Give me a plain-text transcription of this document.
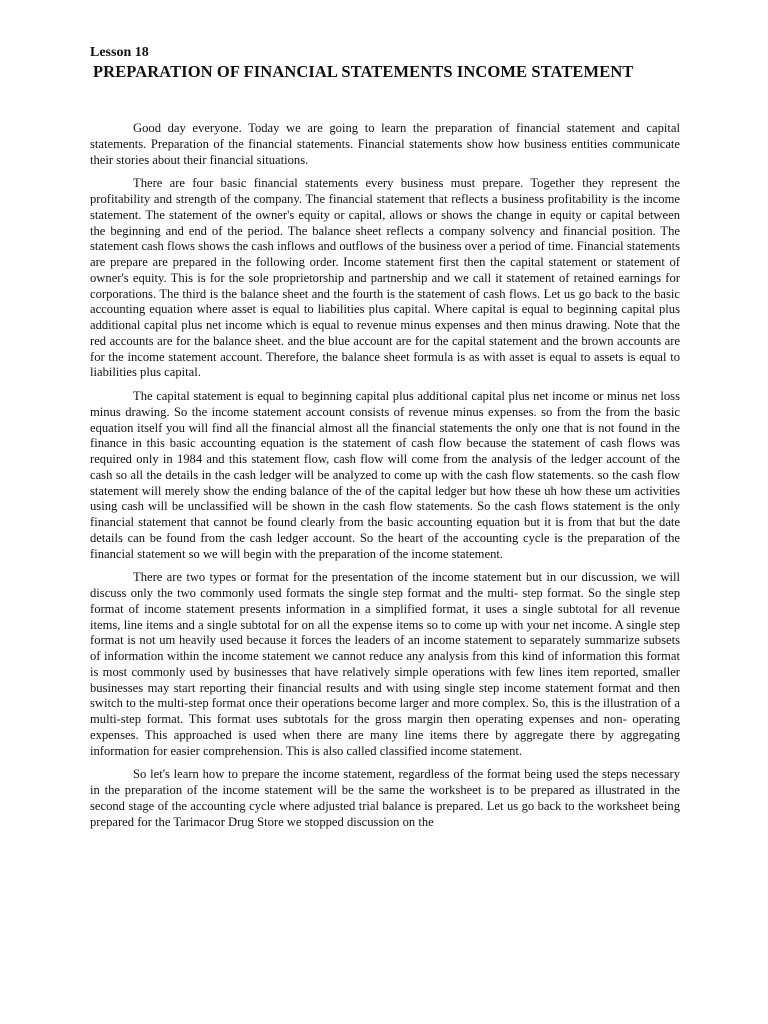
Lesson 18

PREPARATION OF FINANCIAL STATEMENTS INCOME STATEMENT

Good day everyone. Today we are going to learn the preparation of financial statement and capital statements. Preparation of the financial statements. Financial statements show how business entities communicate their stories about their financial situations.

There are four basic financial statements every business must prepare. Together they represent the profitability and strength of the company. The financial statement that reflects a business profitability is the income statement. The statement of the owner's equity or capital, allows or shows the change in equity or capital between the beginning and end of the period. The balance sheet reflects a company solvency and financial position. The statement cash flows shows the cash inflows and outflows of the business over a period of time. Financial statements are prepare are prepared in the following order. Income statement first then the capital statement or statement of owner's equity. This is for the sole proprietorship and partnership and we call it statement of retained earnings for corporations. The third is the balance sheet and the fourth is the statement of cash flows. Let us go back to the basic accounting equation where asset is equal to liabilities plus capital. Where capital is equal to beginning capital plus additional capital plus net income which is equal to revenue minus expenses and then minus drawing. Note that the red accounts are for the balance sheet. and the blue account are for the capital statement and the brown accounts are for the income statement account. Therefore, the balance sheet formula is as with asset is equal to assets is equal to liabilities plus capital.

The capital statement is equal to beginning capital plus additional capital plus net income or minus net loss minus drawing. So the income statement account consists of revenue minus expenses. so from the from the basic equation itself you will find all the financial almost all the financial statements the only one that is not found in the finance in this basic accounting equation is the statement of cash flow because the statement of cash flows was required only in 1984 and this statement flow, cash flow will come from the analysis of the ledger account of the cash so all the details in the cash ledger will be analyzed to come up with the cash flow statements. so the cash flow statement will merely show the ending balance of the of the capital ledger but how these uh how these um activities using cash will be unclassified will be shown in the cash flow statements. So the cash flows statement is the only financial statement that cannot be found clearly from the basic accounting equation but it is from that but the date details can be found from the cash ledger account. So the heart of the accounting cycle is the preparation of the financial statement so we will begin with the preparation of the income statement.

There are two types or format for the presentation of the income statement but in our discussion, we will discuss only the two commonly used formats the single step format and the multi- step format. So the single step format of income statement presents information in a simplified format, it uses a single subtotal for all revenue items, line items and a single subtotal for on all the expense items so to come up with your net income. A single step format is not um heavily used because it forces the leaders of an income statement to separately summarize subsets of information within the income statement we cannot reduce any analysis from this kind of information this format is most commonly used by businesses that have relatively simple operations with few lines item reported, smaller businesses may start reporting their financial results and with using single step income statement format and then switch to the multi-step format once their operations become larger and more complex. So, this is the illustration of a multi-step format. This format uses subtotals for the gross margin then operating expenses and non- operating expenses. This approached is used when there are many line items there by aggregate there by aggregating information for easier comprehension. This is also called classified income statement.

So let's learn how to prepare the income statement, regardless of the format being used the steps necessary in the preparation of the income statement will be the same the worksheet is to be prepared as illustrated in the second stage of the accounting cycle where adjusted trial balance is prepared. Let us go back to the worksheet being prepared for the Tarimacor Drug Store we stopped discussion on the
